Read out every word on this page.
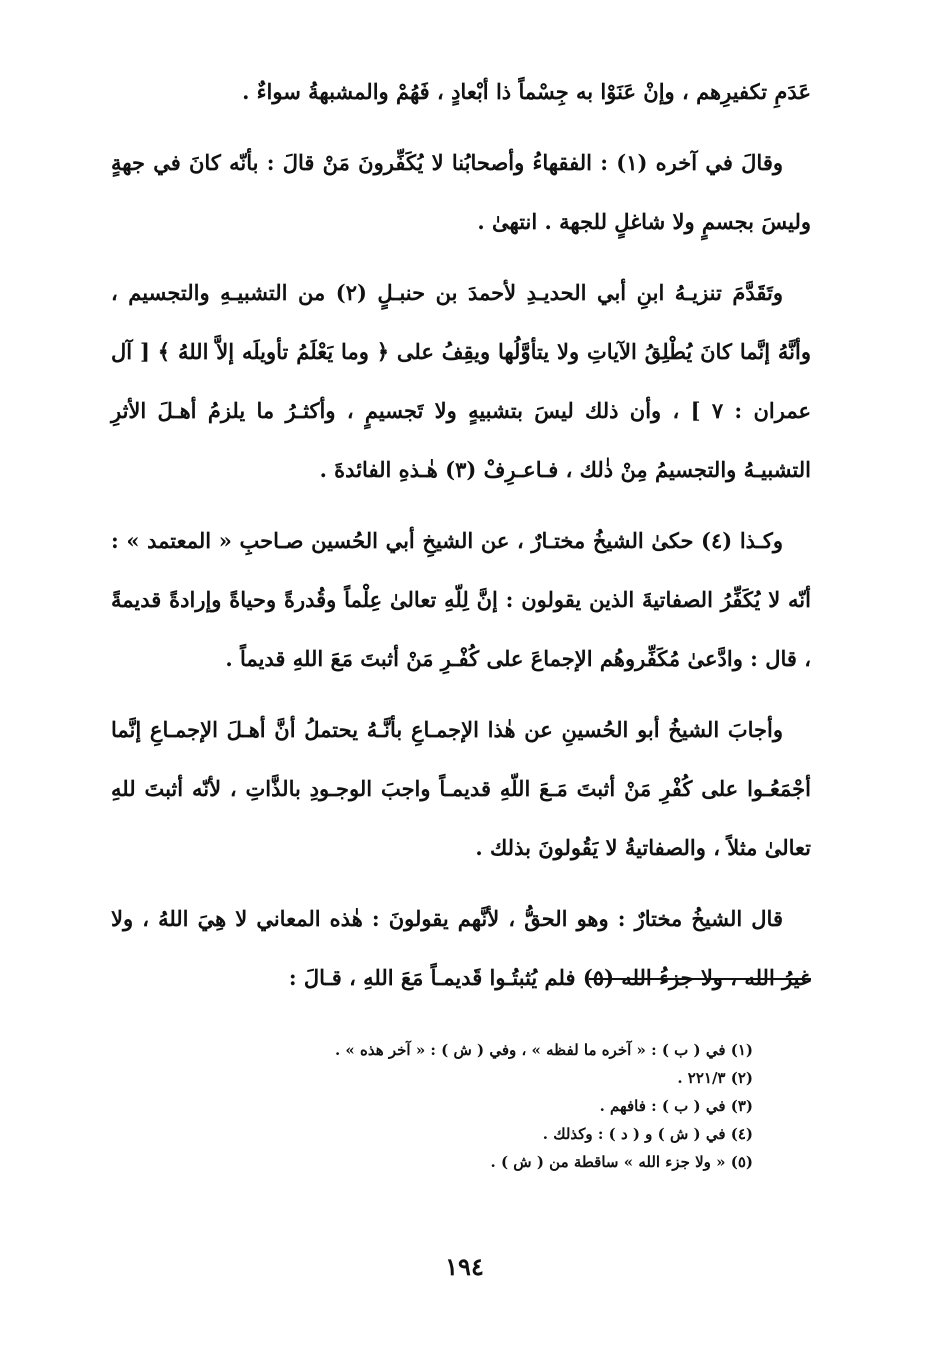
عَدَمِ تكفيرِهم ، وإنْ عَنَوْا به جِسْماً ذا أبْعادٍ ، فَهُمْ والمشبهةُ سواءٌ .

وقالَ في آخره (١) : الفقهاءُ وأصحابُنا لا يُكَفِّرونَ مَنْ قالَ : بأنّه كانَ في جهةٍ وليسَ بجسمٍ ولا شاغلٍ للجهة . انتهىٰ .

وتَقَدَّمَ تنزيـهُ ابنِ أبي الحديـدِ لأحمدَ بن حنبـلٍ (٢) من التشبيـهِ والتجسيم ، وأنَّهُ إنَّما كانَ يُطْلِقُ الآياتِ ولا يتأوَّلُها ويقِفُ على ﴿ وما يَعْلَمُ تأويلَه إلاَّ اللهُ ﴾ [ آل عمران : ٧ ] ، وأن ذلك ليسَ بتشبيهٍ ولا تَجسيمٍ ، وأكثـرُ ما يلزمُ أهـلَ الأثرِ التشبيـهُ والتجسيمُ مِنْ ذٰلك ، فـاعـرِفْ (٣) هٰـذهِ الفائدةَ .

وكـذا (٤) حكىٰ الشيخُ مختـارٌ ، عن الشيخِ أبي الحُسين صـاحبِ « المعتمد » : أنّه لا يُكَفِّرُ الصفاتيةَ الذين يقولون : إنَّ لِلّهِ تعالىٰ عِلْماً وقُدرةً وحياةً وإرادةً قديمةً ، قال : وادَّعىٰ مُكَفِّروهُم الإجماعَ على كُفْـرِ مَنْ أثبتَ مَعَ اللهِ قديماً .

وأجابَ الشيخُ أبو الحُسينِ عن هٰذا الإجمـاعِ بأنَّـهُ يحتملُ أنَّ أهـلَ الإجمـاعِ إنَّما أجْمَعُـوا على كُفْرِ مَنْ أثبتَ مَـعَ اللّهِ قديمـاً واجبَ الوجـودِ بالذَّاتِ ، لأنّه أثبتَ للهِ تعالىٰ مثلاً ، والصفاتيةُ لا يَقُولونَ بذلك .

قال الشيخُ مختارٌ : وهو الحقُّ ، لأنَّهم يقولونَ : هٰذه المعاني لا هِيَ اللهُ ، ولا غيرُ الله ، ولا جزءُ الله (٥) فلم يُثبتُـوا قَديمـاً مَعَ اللهِ ، قـالَ :

(١) في ( ب ) : « آخره ما لفظه » ، وفي ( ش ) : « آخر هذه » .
(٢) ٢٢١/٣ .
(٣) في ( ب ) : فافهم .
(٤) في ( ش ) و ( د ) : وكذلك .
(٥) « ولا جزء الله » ساقطة من ( ش ) .
١٩٤
